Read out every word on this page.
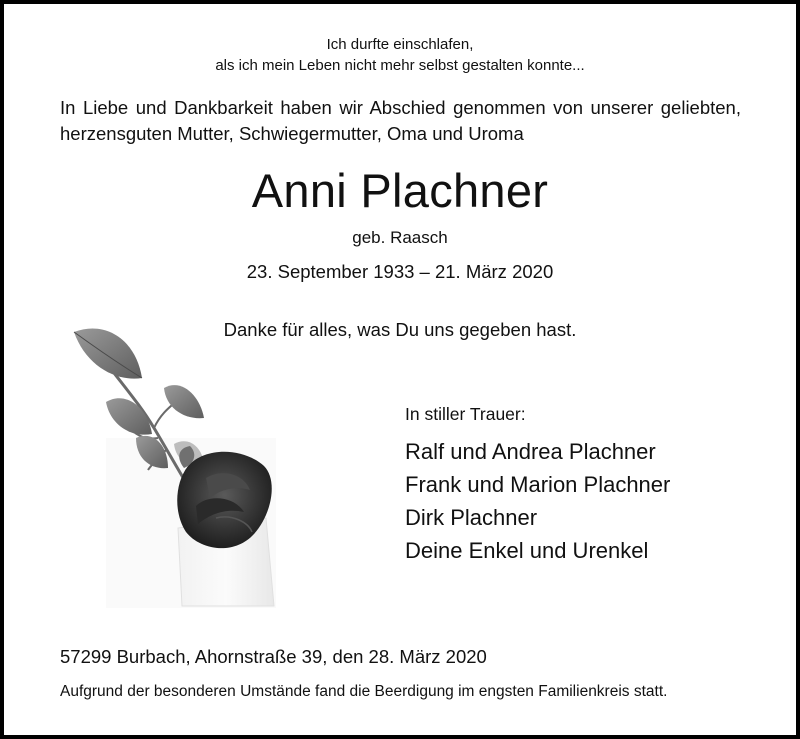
Ich durfte einschlafen,
als ich mein Leben nicht mehr selbst gestalten konnte...
In Liebe und Dankbarkeit haben wir Abschied genommen von unserer geliebten, herzensguten Mutter, Schwiegermutter, Oma und Uroma
Anni Plachner
geb. Raasch
23. September 1933 – 21. März 2020
Danke für alles, was Du uns gegeben hast.
In stiller Trauer:
Ralf und Andrea Plachner
Frank und Marion Plachner
Dirk Plachner
Deine Enkel und Urenkel
57299 Burbach, Ahornstraße 39, den 28. März 2020
Aufgrund der besonderen Umstände fand die Beerdigung im engsten Familienkreis statt.
